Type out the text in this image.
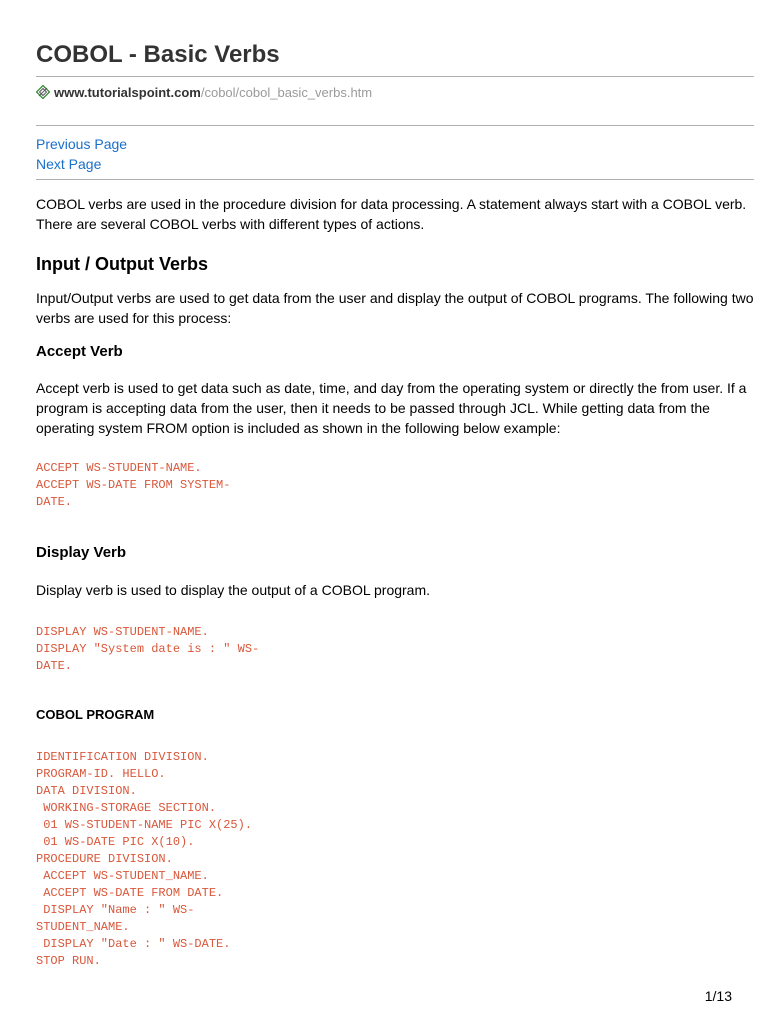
COBOL - Basic Verbs
www.tutorialspoint.com/cobol/cobol_basic_verbs.htm
Previous Page
Next Page

COBOL verbs are used in the procedure division for data processing. A statement always start with a COBOL verb.

There are several COBOL verbs with different types of actions.

Input / Output Verbs

Input/Output verbs are used to get data from the user and display the output of COBOL programs. The following two

verbs are used for this process:

Accept Verb

Accept verb is used to get data such as date, time, and day from the operating system or directly the from user. If a

program is accepting data from the user, then it needs to be passed through JCL. While getting data from the

operating system FROM option is included as shown in the following below example:

ACCEPT WS-STUDENT-NAME.
ACCEPT WS-DATE FROM SYSTEM-
DATE.
Display Verb

Display verb is used to display the output of a COBOL program.

DISPLAY WS-STUDENT-NAME.
DISPLAY "System date is : " WS-
DATE.
COBOL PROGRAM
IDENTIFICATION DIVISION.
PROGRAM-ID. HELLO.
DATA DIVISION.
WORKING-STORAGE SECTION.
01 WS-STUDENT-NAME PIC X(25).
01 WS-DATE PIC X(10).
PROCEDURE DIVISION.
ACCEPT WS-STUDENT_NAME.
ACCEPT WS-DATE FROM DATE.
DISPLAY "Name : " WS-
STUDENT_NAME.
DISPLAY "Date : " WS-DATE.
STOP RUN.
1/13
